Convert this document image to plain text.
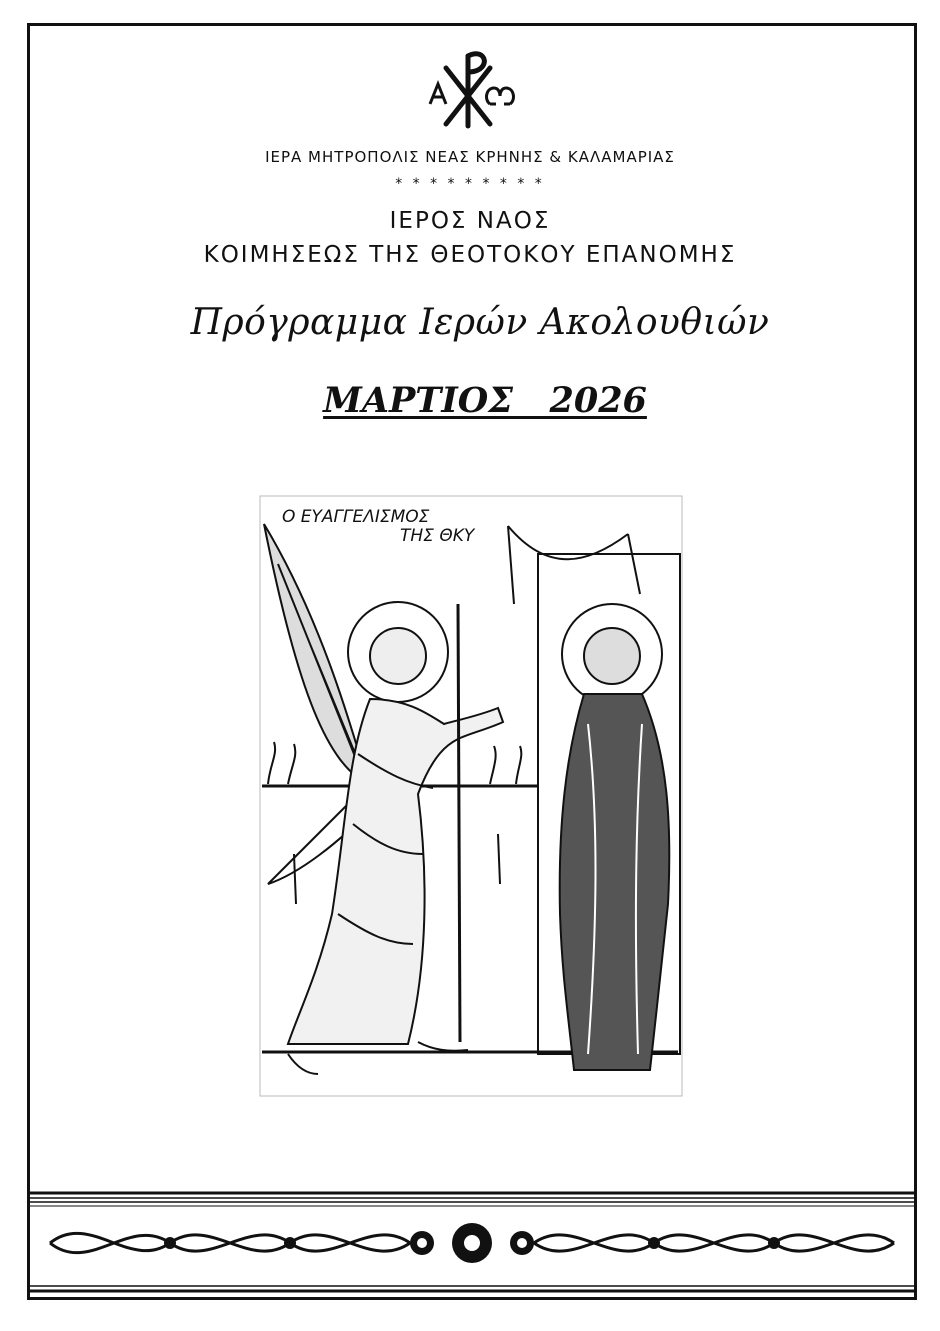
ΙΕΡΑ ΜΗΤΡΟΠΟΛΙΣ ΝΕΑΣ ΚΡΗΝΗΣ & ΚΑΛΑΜΑΡΙΑΣ
* * * * * * * * *
ΙΕΡΟΣ ΝΑΟΣ
ΚΟΙΜΗΣΕΩΣ ΤΗΣ ΘΕΟΤΟΚΟΥ ΕΠΑΝΟΜΗΣ
Πρόγραμμα Ιερών Ακολουθιών
ΜΑΡΤΙΟΣ   2026
Ο ΕΥΑΓΓΕΛΙΣΜΟΣ
ΤΗΣ ΘΚΥ
